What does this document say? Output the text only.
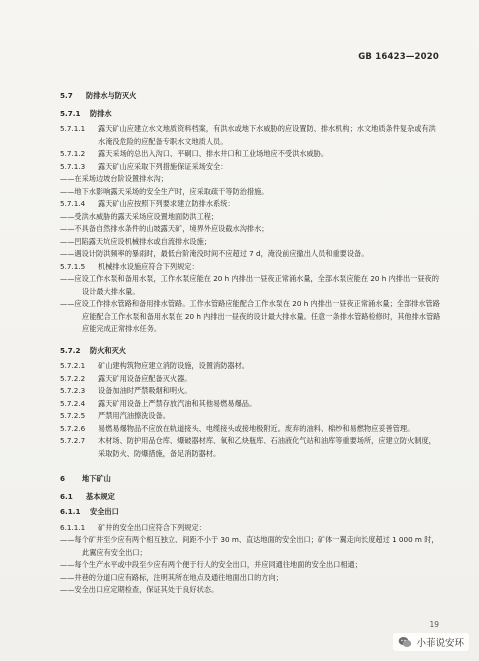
GB 16423—2020
5.7 防排水与防灭火
5.7.1 防排水
5.7.1.1	露天矿山应建立水文地质资料档案，有洪水或地下水威胁的应设置防、排水机构；水文地质条件复杂或有洪水淹没危险的应配备专职水文地质人员。
5.7.1.2	露天采场的总出入沟口、平硐口、排水井口和工业场地应不受洪水威胁。
5.7.1.3	露天矿山应采取下列措施保证采场安全：
——在采场边坡台阶设置排水沟；
——地下水影响露天采场的安全生产时，应采取疏干等防治措施。
5.7.1.4	露天矿山应按照下列要求建立防排水系统：
——受洪水威胁的露天采场应设置地面防洪工程；
——不具备自然排水条件的山坡露天矿，境界外应设截水沟排水；
——凹陷露天坑应设机械排水或自流排水设施；
——遇设计防洪频率的暴雨时，最低台阶淹没时间不应超过 7 d，淹没前应撤出人员和重要设备。
5.7.1.5	机械排水设施应符合下列规定：
——应设工作水泵和备用水泵，工作水泵应能在 20 h 内排出一昼夜正常涌水量，全部水泵应能在 20 h 内排出一昼夜的设计最大排水量。
——应设工作排水管路和备用排水管路。工作水管路应能配合工作水泵在 20 h 内排出一昼夜正常涌水量；全部排水管路应能配合工作水泵和备用水泵在 20 h 内排出一昼夜的设计最大排水量。任意一条排水管路检修时，其他排水管路应能完成正常排水任务。
5.7.2 防火和灭火
5.7.2.1	矿山建构筑物应建立消防设施，设置消防器材。
5.7.2.2	露天矿用设备应配备灭火器。
5.7.2.3	设备加油时严禁吸烟和明火。
5.7.2.4	露天矿用设备上严禁存放汽油和其他易燃易爆品。
5.7.2.5	严禁用汽油擦洗设备。
5.7.2.6	易燃易爆物品不应放在轨道接头、电缆接头或接地极附近。废弃的油料、棉纱和易燃物应妥善管理。
5.7.2.7	木材场、防护用品仓库、爆破器材库、氧和乙炔瓶库、石油液化气站和油库等重要场所，应建立防火制度，采取防火、防爆措施，备足消防器材。
6 地下矿山
6.1 基本规定
6.1.1 安全出口
6.1.1.1	矿井的安全出口应符合下列规定：
——每个矿井至少应有两个相互独立、间距不小于 30 m、直达地面的安全出口；矿体一翼走向长度超过 1 000 m 时，此翼应有安全出口；
——每个生产水平或中段至少应有两个便于行人的安全出口，并应同通往地面的安全出口相通；
——井巷的分道口应有路标，注明其所在地点及通往地面出口的方向；
——安全出口应定期检查，保证其处于良好状态。
19
小菲说安环
